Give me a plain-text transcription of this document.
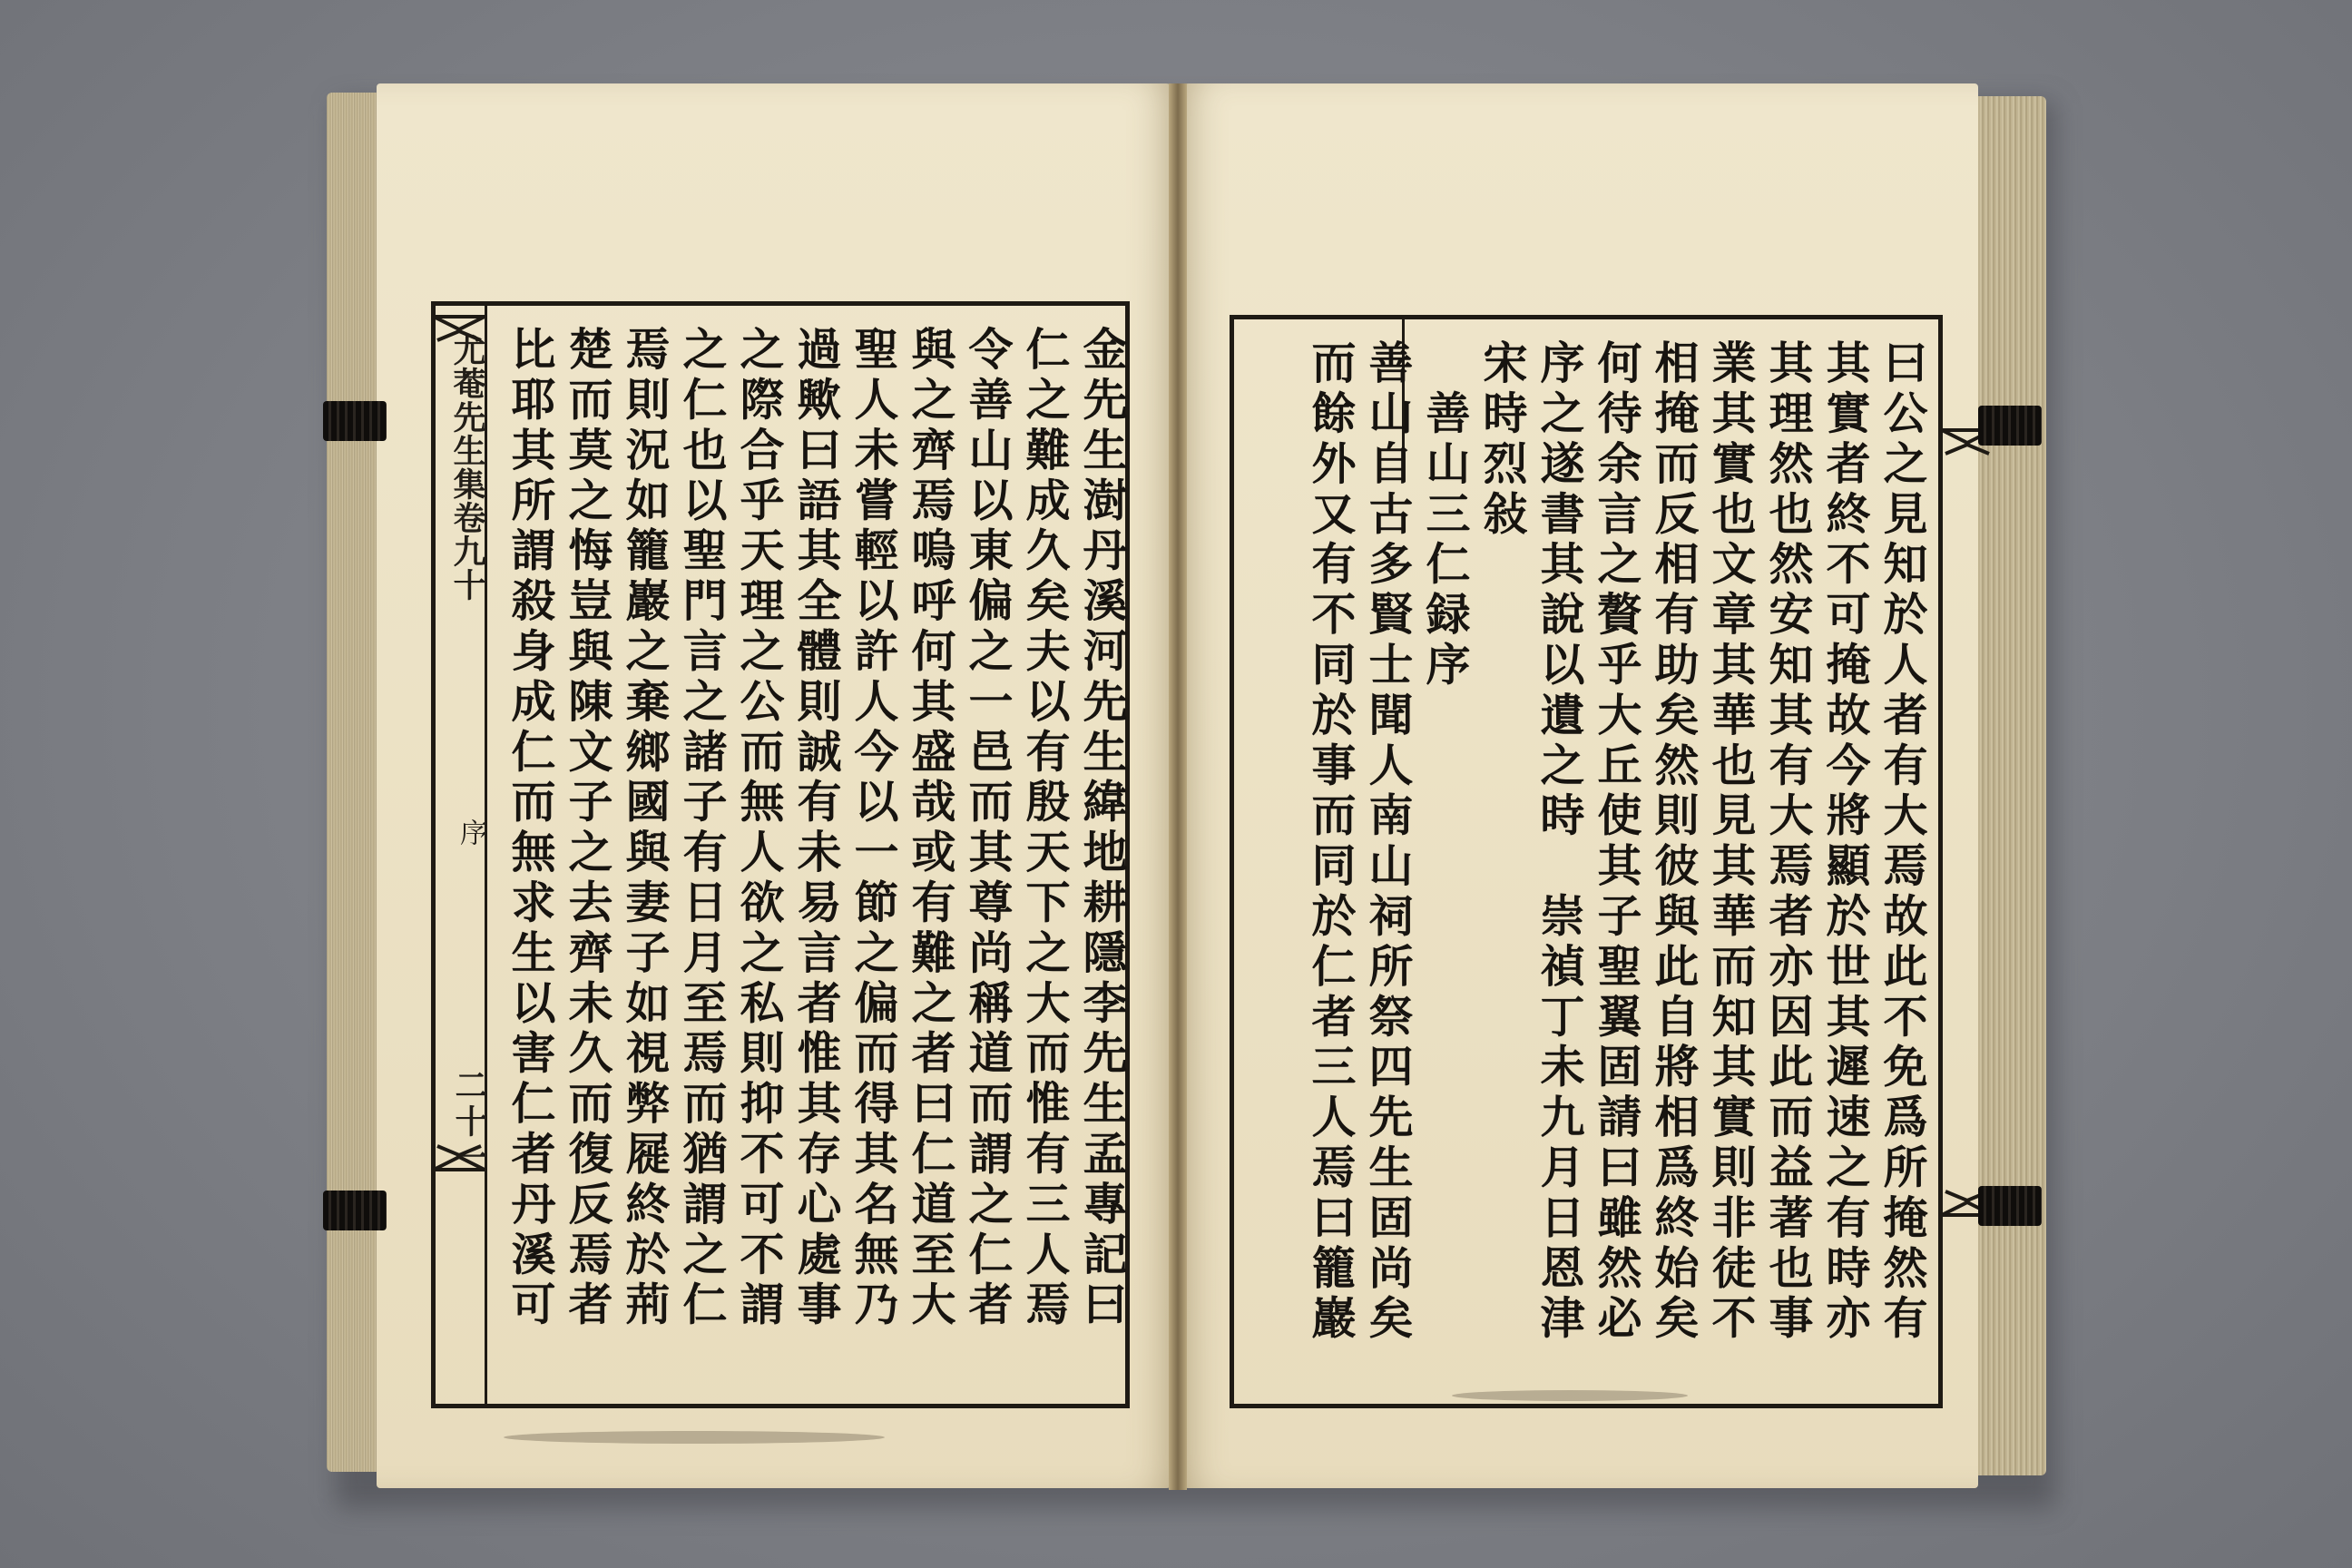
尤菴先生集卷九十
序
二十一	金先生澍丹溪河先生緯地耕隱李先生孟專記曰
仁之難成久矣夫以有殷天下之大而惟有三人焉
令善山以東偏之一邑而其尊尚稱道而謂之仁者
與之齊焉嗚呼何其盛哉或有難之者曰仁道至大
聖人未嘗輕以許人今以一節之偏而得其名無乃
過歟曰語其全體則誠有未易言者惟其存心處事
之際合乎天理之公而無人欲之私則抑不可不謂
之仁也以聖門言之諸子有日月至焉而猶謂之仁
焉則況如籠巖之棄鄉國與妻子如視弊屣終於荊
楚而莫之悔豈與陳文子之去齊未久而復反焉者
比耶其所謂殺身成仁而無求生以害仁者丹溪可	曰公之見知於人者有大焉故此不免爲所掩然有
其實者終不可掩故今將顯於世其遲速之有時亦
其理然也然安知其有大焉者亦因此而益著也事
業其實也文章其華也見其華而知其實則非徒不
相掩而反相有助矣然則彼與此自將相爲終始矣
何待余言之贅乎大丘使其子聖翼固請曰雖然必
序之遂書其說以遺之時　崇禎丁未九月日恩津
宋時烈敍
　善山三仁録序
善山自古多賢士聞人南山祠所祭四先生固尚矣
而餘外又有不同於事而同於仁者三人焉曰籠巖
